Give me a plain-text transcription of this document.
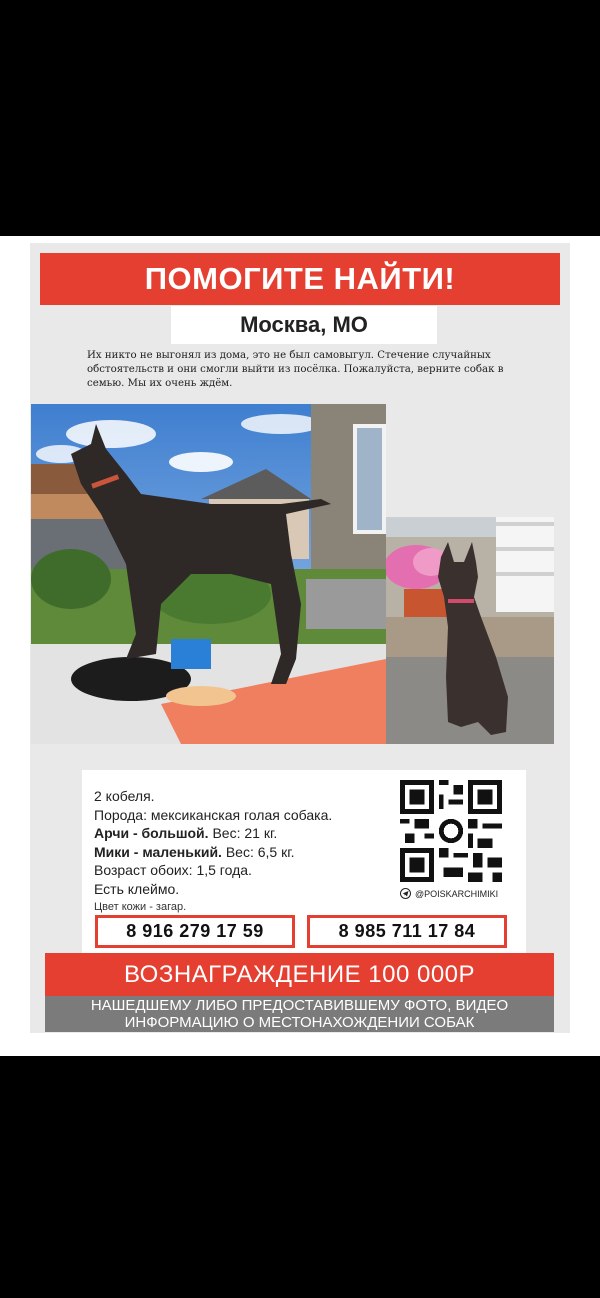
ПОМОГИТЕ НАЙТИ!
Москва, МО
Их никто не выгонял из дома, это не был самовыгул. Стечение случайных обстоятельств и они смогли выйти из посёлка. Пожалуйста, верните собак в семью. Мы их очень ждём.
2 кобеля.
Порода: мексиканская голая собака.
Арчи - большой. Вес: 21 кг.
Мики - маленький. Вес: 6,5 кг.
Возраст обоих: 1,5 года.
Есть клеймо.
Цвет кожи - загар.
@POISKARCHIMIKI
8 916 279 17 59	8 985 711 17 84
ВОЗНАГРАЖДЕНИЕ 100 000Р
НАШЕДШЕМУ ЛИБО ПРЕДОСТАВИВШЕМУ ФОТО, ВИДЕО ИНФОРМАЦИЮ О МЕСТОНАХОЖДЕНИИ СОБАК
